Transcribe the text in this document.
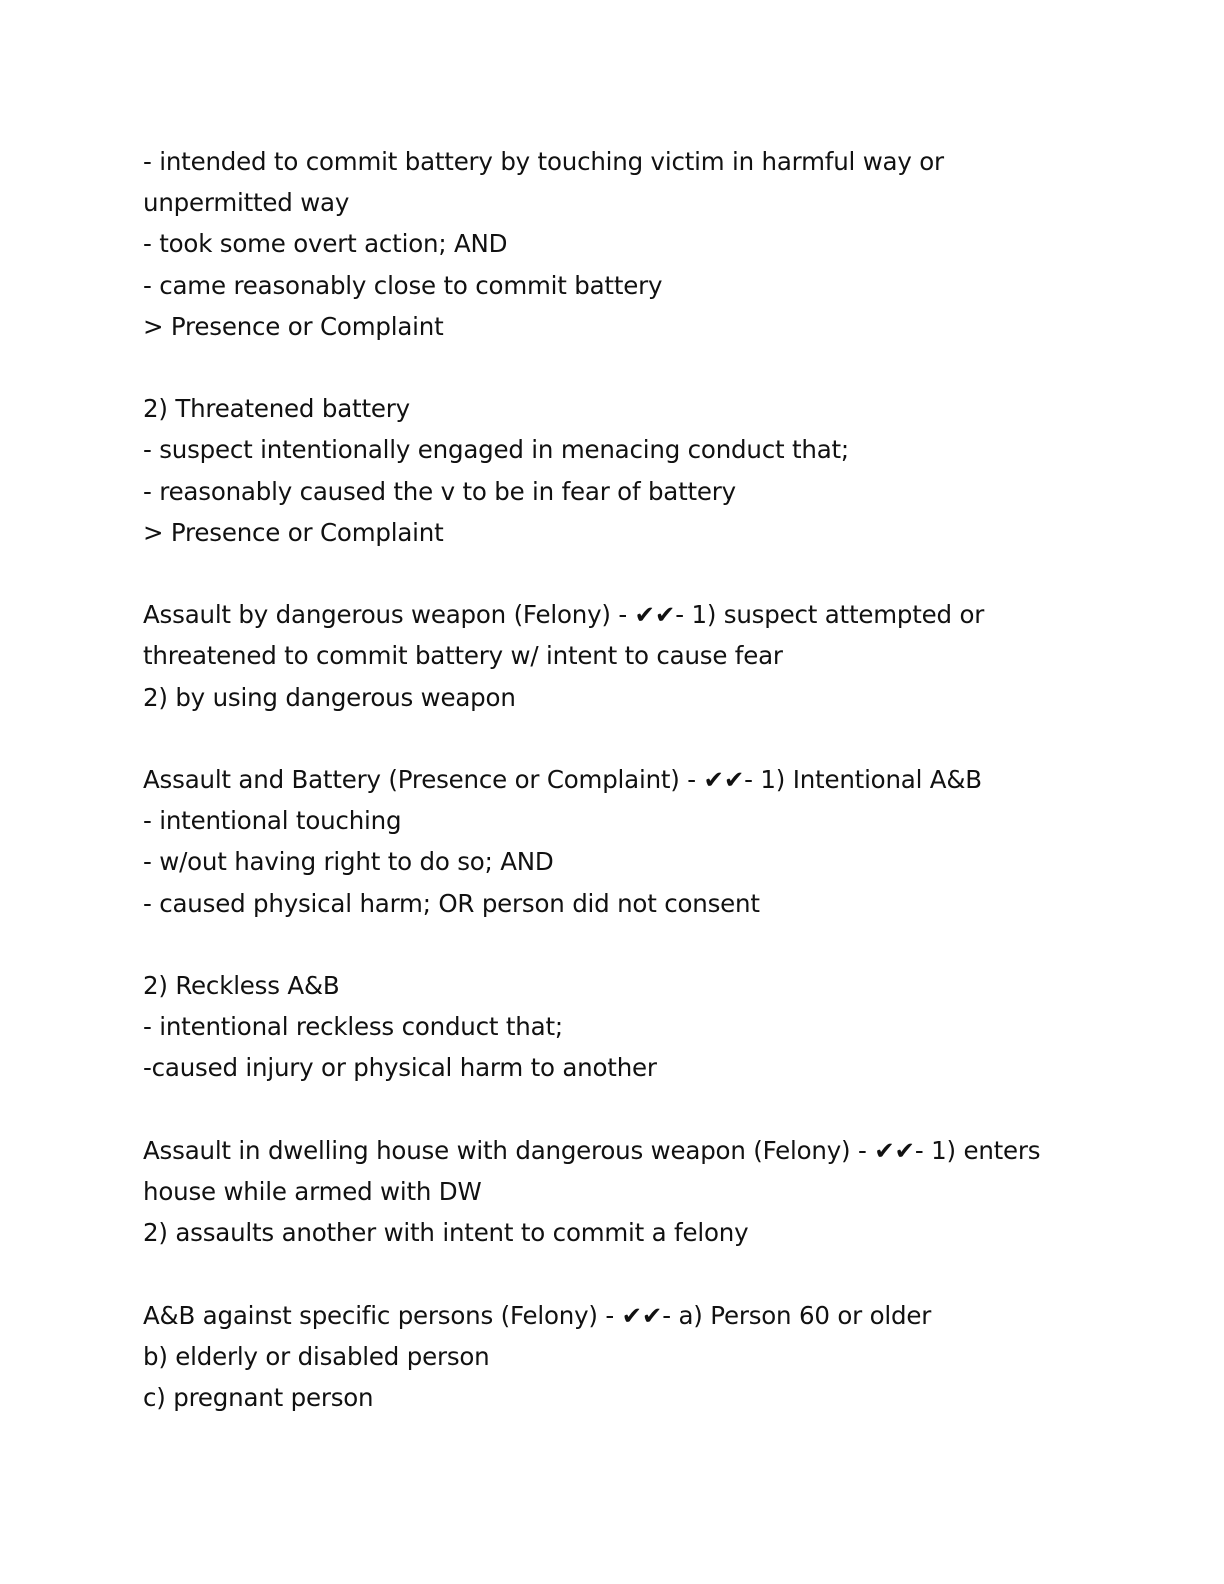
- intended to commit battery by touching victim in harmful way or
unpermitted way
- took some overt action; AND
- came reasonably close to commit battery
> Presence or Complaint
2) Threatened battery
- suspect intentionally engaged in menacing conduct that;
- reasonably caused the v to be in fear of battery
> Presence or Complaint
Assault by dangerous weapon (Felony) - ✔✔- 1) suspect attempted or
threatened to commit battery w/ intent to cause fear
2) by using dangerous weapon
Assault and Battery (Presence or Complaint) - ✔✔- 1) Intentional A&B
- intentional touching
- w/out having right to do so; AND
- caused physical harm; OR person did not consent
2) Reckless A&B
- intentional reckless conduct that;
-caused injury or physical harm to another
Assault in dwelling house with dangerous weapon (Felony) - ✔✔- 1) enters
house while armed with DW
2) assaults another with intent to commit a felony
A&B against specific persons (Felony) - ✔✔- a) Person 60 or older
b) elderly or disabled person
c) pregnant person
